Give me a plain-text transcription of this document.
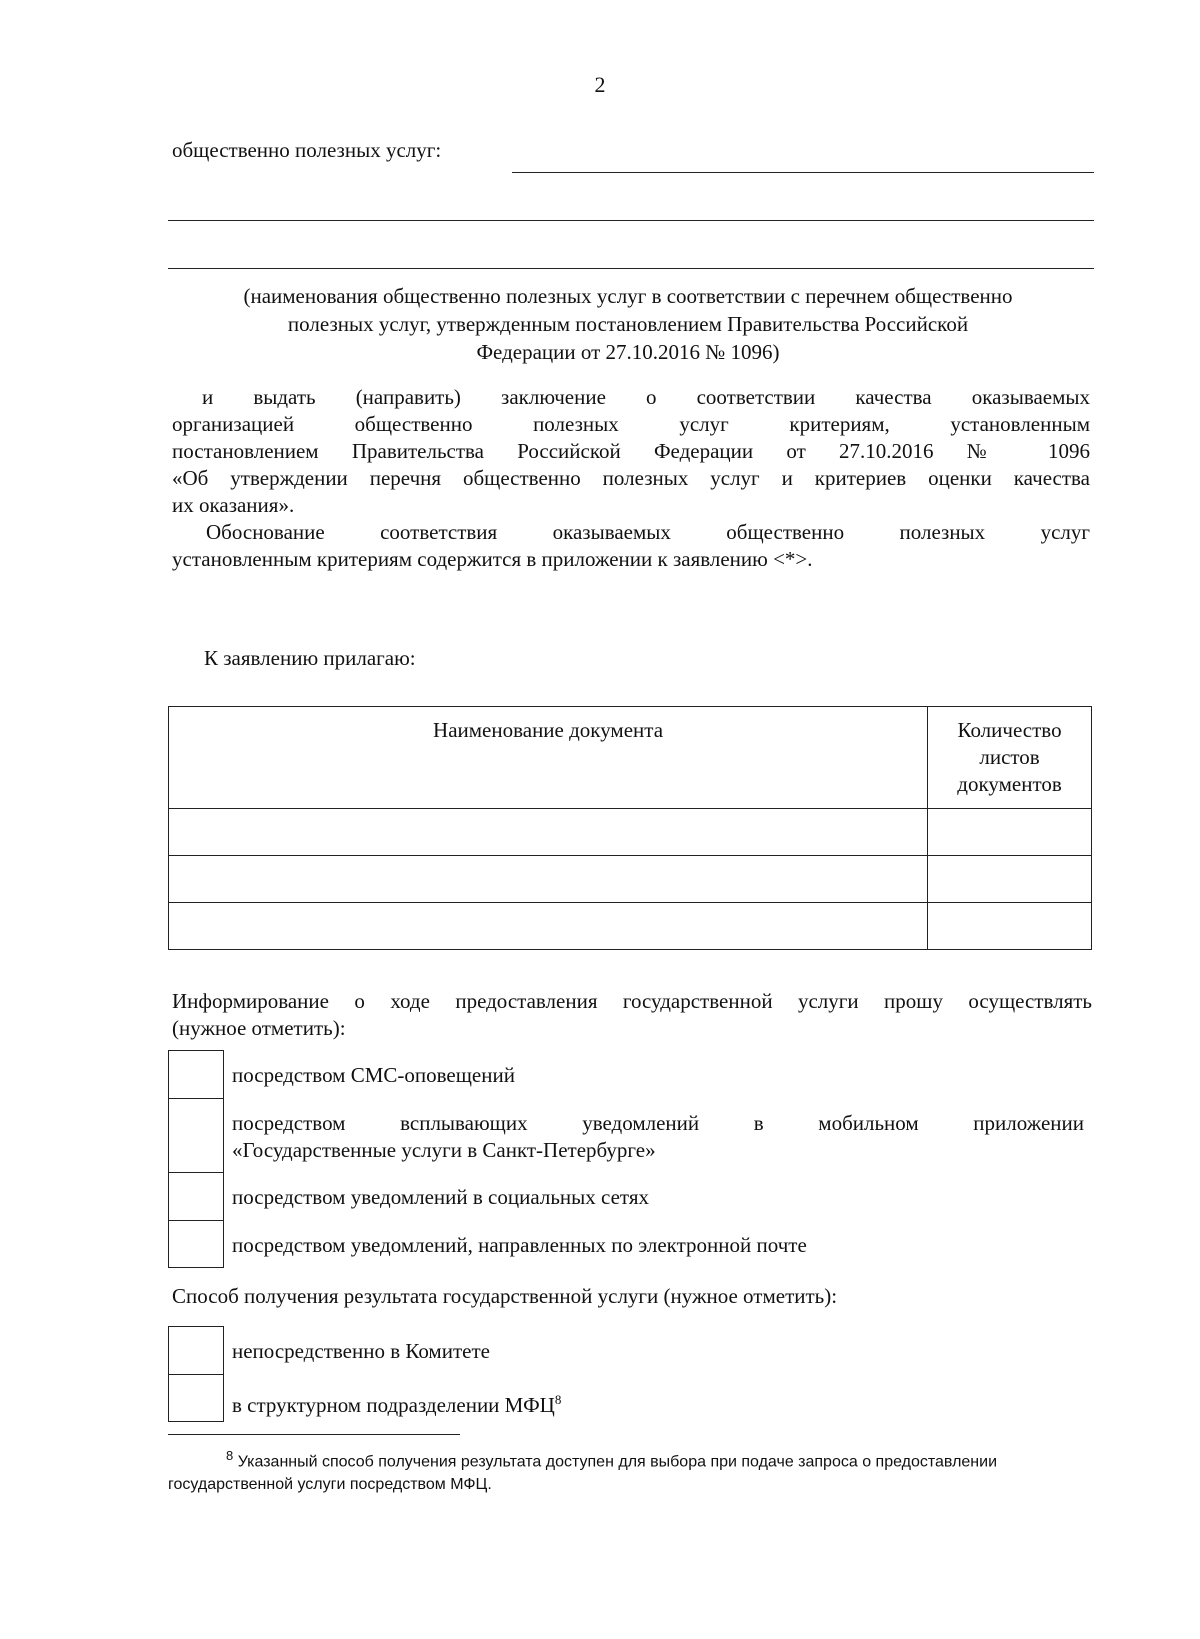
2
общественно полезных услуг:
(наименования общественно полезных услуг в соответствии с перечнем общественно
полезных услуг, утвержденным постановлением Правительства Российской
Федерации от 27.10.2016 № 1096)
и выдать (направить) заключение о соответствии качества оказываемых
организацией общественно полезных услуг критериям, установленным
постановлением Правительства Российской Федерации от 27.10.2016 № 1096
«Об утверждении перечня общественно полезных услуг и критериев оценки качества
их оказания».
Обоснование соответствия оказываемых общественно полезных услуг
установленным критериям содержится в приложении к заявлению <*>.
К заявлению прилагаю:
Наименование документа	Количество
листов
документов

Информирование о ходе предоставления государственной услуги прошу осуществлять
(нужное отметить):
посредством СМС-оповещений
посредством всплывающих уведомлений в мобильном приложении
«Государственные услуги в Санкт-Петербурге»
посредством уведомлений в социальных сетях
посредством уведомлений, направленных по электронной почте
Способ получения результата государственной услуги (нужное отметить):
непосредственно в Комитете
в структурном подразделении МФЦ$^8$
$^8$ Указанный способ получения результата доступен для выбора при подаче запроса о предоставлении
государственной услуги посредством МФЦ.
